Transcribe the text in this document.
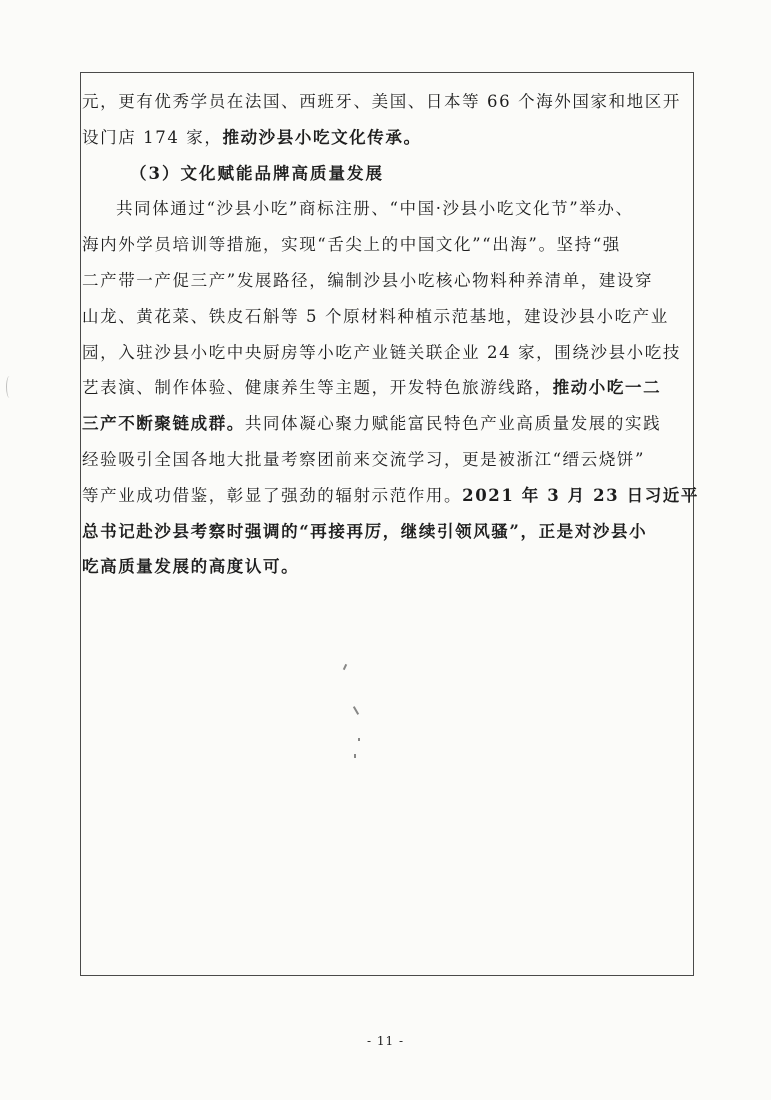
元，更有优秀学员在法国、西班牙、美国、日本等 66 个海外国家和地区开
设门店 174 家，推动沙县小吃文化传承。
（3）文化赋能品牌高质量发展
共同体通过“沙县小吃”商标注册、“中国·沙县小吃文化节”举办、
海内外学员培训等措施，实现“舌尖上的中国文化”“出海”。坚持“强
二产带一产促三产”发展路径，编制沙县小吃核心物料种养清单，建设穿
山龙、黄花菜、铁皮石斛等 5 个原材料种植示范基地，建设沙县小吃产业
园，入驻沙县小吃中央厨房等小吃产业链关联企业 24 家，围绕沙县小吃技
艺表演、制作体验、健康养生等主题，开发特色旅游线路，推动小吃一二
三产不断聚链成群。共同体凝心聚力赋能富民特色产业高质量发展的实践
经验吸引全国各地大批量考察团前来交流学习，更是被浙江“缙云烧饼”
等产业成功借鉴，彰显了强劲的辐射示范作用。2021 年 3 月 23 日习近平
总书记赴沙县考察时强调的“再接再厉，继续引领风骚”，正是对沙县小
吃高质量发展的高度认可。
- 11 -
